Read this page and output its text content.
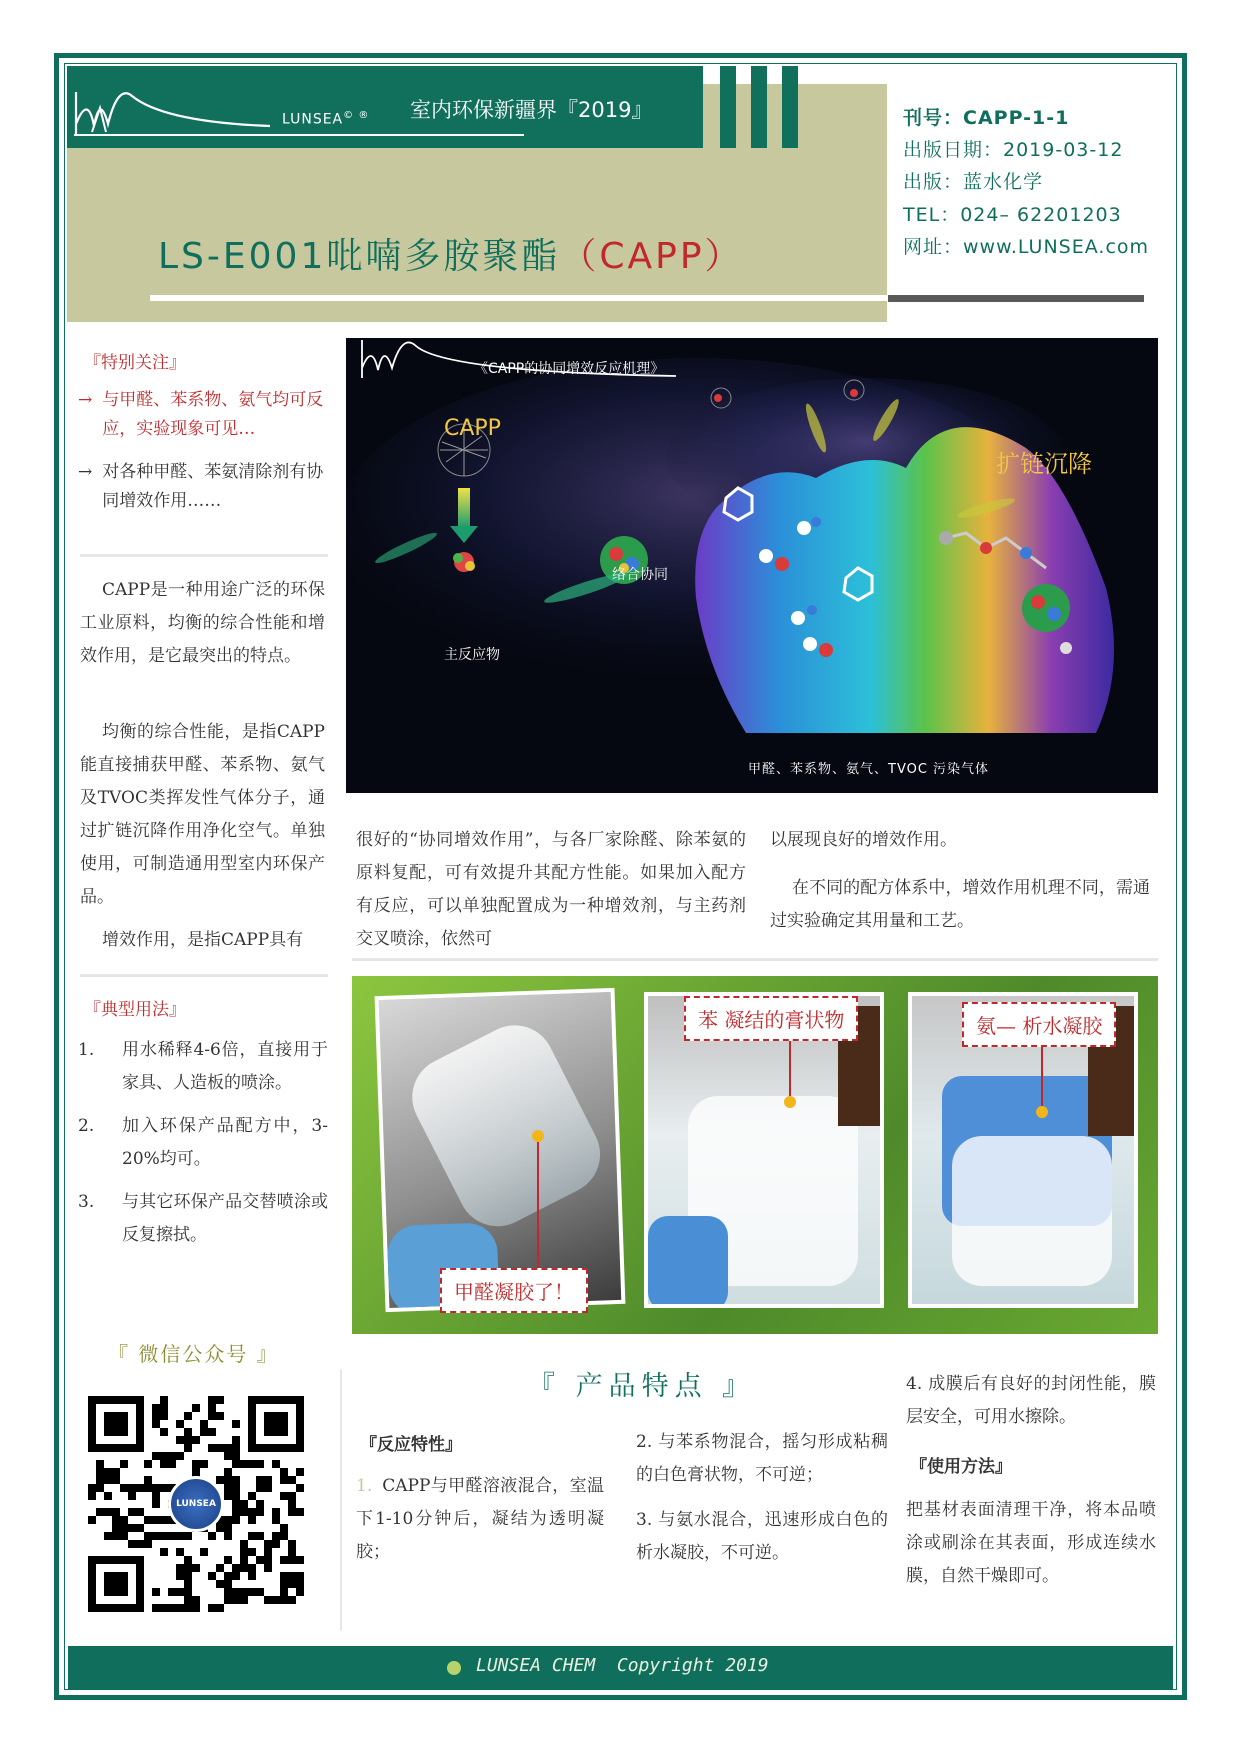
LUNSEA© ® 室内环保新疆界『2019』	刊号：CAPP-1-1
出版日期：2019-03-12
出版：蓝水化学
TEL：024– 62201203
网址：www.LUNSEA.com
LS-E001吡喃多胺聚酯（CAPP）
『特别关注』
→ 与甲醛、苯系物、氨气均可反应，实验现象可见…
→ 对各种甲醛、苯氨清除剂有协同增效作用……
CAPP是一种用途广泛的环保工业原料，均衡的综合性能和增效作用，是它最突出的特点。
均衡的综合性能，是指CAPP能直接捕获甲醛、苯系物、氨气及TVOC类挥发性气体分子，通过扩链沉降作用净化空气。单独使用，可制造通用型室内环保产品。
增效作用，是指CAPP具有
『典型用法』
1.	用水稀释4-6倍，直接用于家具、人造板的喷涂。
2.	加入环保产品配方中，3-20%均可。
3.	与其它环保产品交替喷涂或反复擦拭。
『 微信公众号 』
LUNSEA
《CAPP的协同增效反应机理》
CAPP
主反应物
络合协同
扩链沉降
甲醛、苯系物、氨气、TVOC 污染气体
很好的“协同增效作用”，与各厂家除醛、除苯氨的原料复配，可有效提升其配方性能。如果加入配方有反应，可以单独配置成为一种增效剂，与主药剂交叉喷涂，依然可
以展现良好的增效作用。
在不同的配方体系中，增效作用机理不同，需通过实验确定其用量和工艺。
甲醛凝胶了！
苯 凝结的膏状物	氨— 析水凝胶
『 产品特点 』
『反应特性』
1. CAPP与甲醛溶液混合，室温下1-10分钟后，凝结为透明凝胶；
2. 与苯系物混合，摇匀形成粘稠的白色膏状物，不可逆；
3. 与氨水混合，迅速形成白色的析水凝胶，不可逆。
4. 成膜后有良好的封闭性能，膜层安全，可用水擦除。
『使用方法』
把基材表面清理干净，将本品喷涂或刷涂在其表面，形成连续水膜，自然干燥即可。
LUNSEA CHEM  Copyright 2019
